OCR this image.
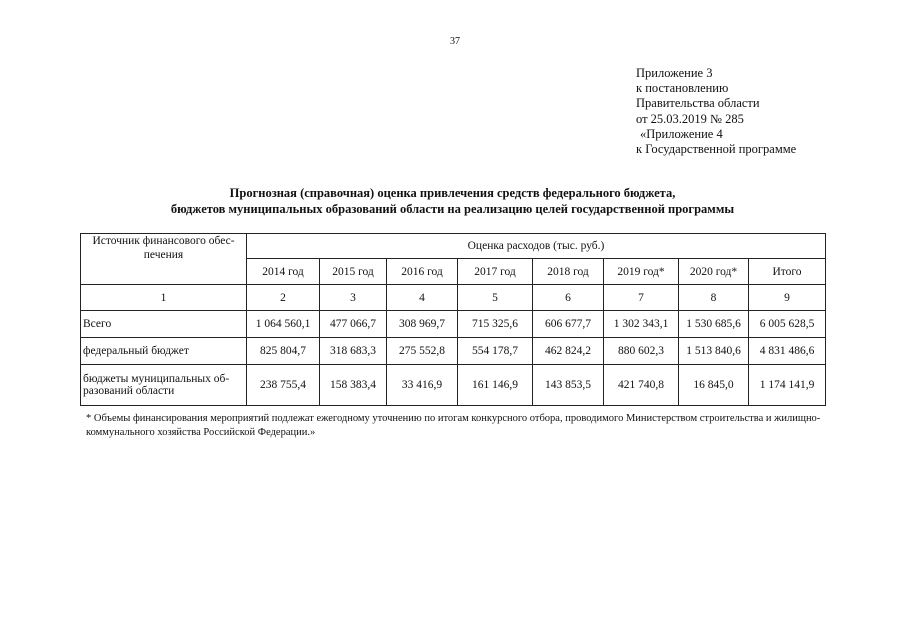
37
Приложение 3
к постановлению
Правительства области
от 25.03.2019 № 285
«Приложение 4
к Государственной программе
Прогнозная (справочная) оценка привлечения средств федерального бюджета,
бюджетов муниципальных образований области на реализацию целей государственной программы
Источник финансового обес-печения	Оценка расходов (тыс. руб.)							
	2014 год	2015 год	2016 год	2017 год	2018 год	2019 год*	2020 год*	Итого
1	2	3	4	5	6	7	8	9
Всего	1 064 560,1	477 066,7	308 969,7	715 325,6	606 677,7	1 302 343,1	1 530 685,6	6 005 628,5
федеральный бюджет	825 804,7	318 683,3	275 552,8	554 178,7	462 824,2	880 602,3	1 513 840,6	4 831 486,6
бюджеты муниципальных об-разований области	238 755,4	158 383,4	33 416,9	161 146,9	143 853,5	421 740,8	16 845,0	1 174 141,9
* Объемы финансирования мероприятий подлежат ежегодному уточнению по итогам конкурсного отбора, проводимого Министерством строительства и жилищно-коммунального хозяйства Российской Федерации.»
